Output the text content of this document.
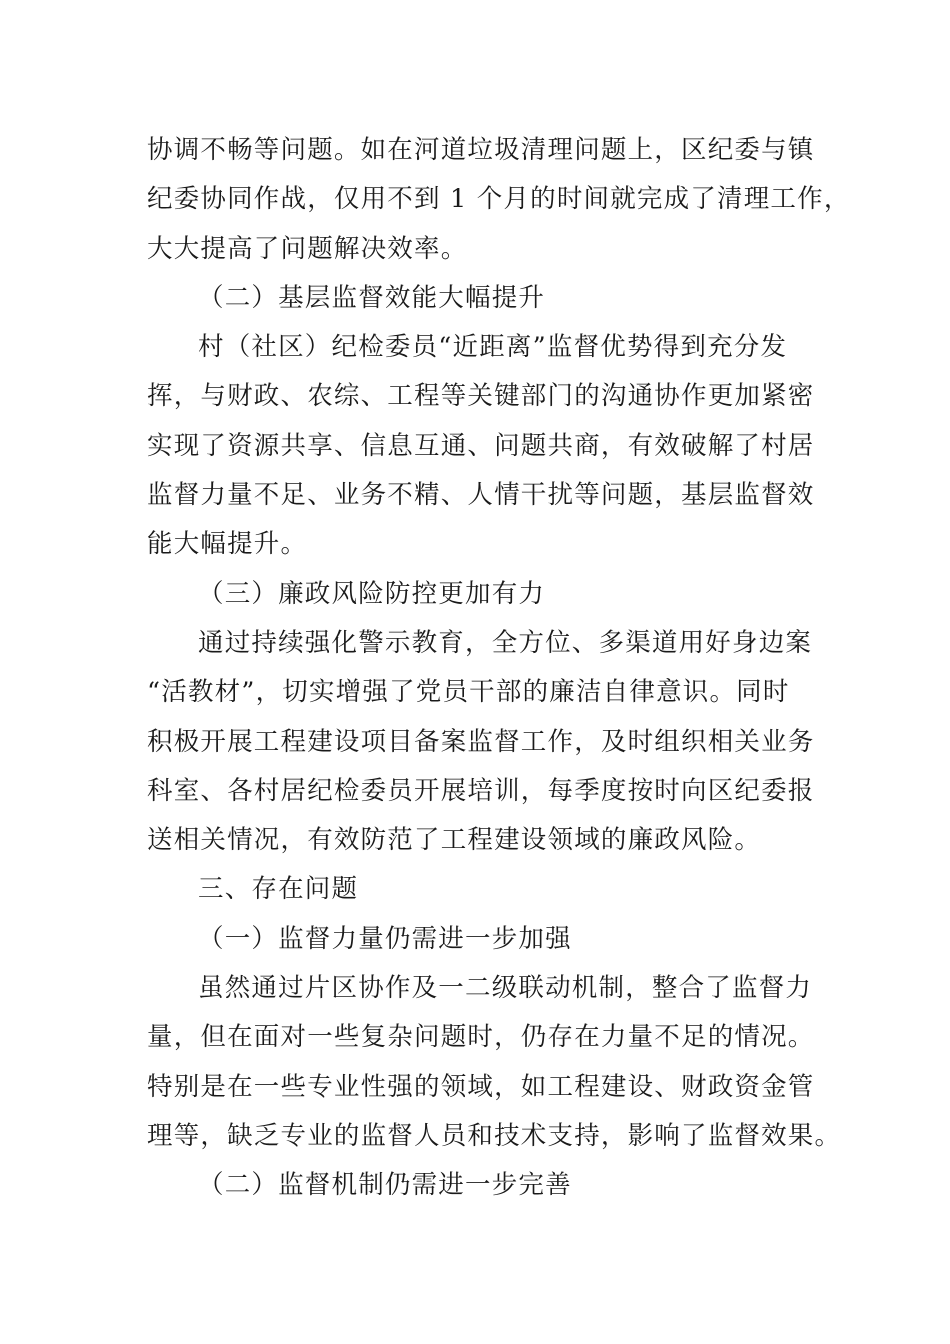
协调不畅等问题。如在河道垃圾清理问题上，区纪委与镇
纪委协同作战，仅用不到 1 个月的时间就完成了清理工作，
大大提高了问题解决效率。
（二）基层监督效能大幅提升
村（社区）纪检委员“近距离”监督优势得到充分发
挥，与财政、农综、工程等关键部门的沟通协作更加紧密
实现了资源共享、信息互通、问题共商，有效破解了村居
监督力量不足、业务不精、人情干扰等问题，基层监督效
能大幅提升。
（三）廉政风险防控更加有力
通过持续强化警示教育，全方位、多渠道用好身边案
“活教材”，切实增强了党员干部的廉洁自律意识。同时
积极开展工程建设项目备案监督工作，及时组织相关业务
科室、各村居纪检委员开展培训，每季度按时向区纪委报
送相关情况，有效防范了工程建设领域的廉政风险。
三、存在问题
（一）监督力量仍需进一步加强
虽然通过片区协作及一二级联动机制，整合了监督力
量，但在面对一些复杂问题时，仍存在力量不足的情况。
特别是在一些专业性强的领域，如工程建设、财政资金管
理等，缺乏专业的监督人员和技术支持，影响了监督效果。
（二）监督机制仍需进一步完善
